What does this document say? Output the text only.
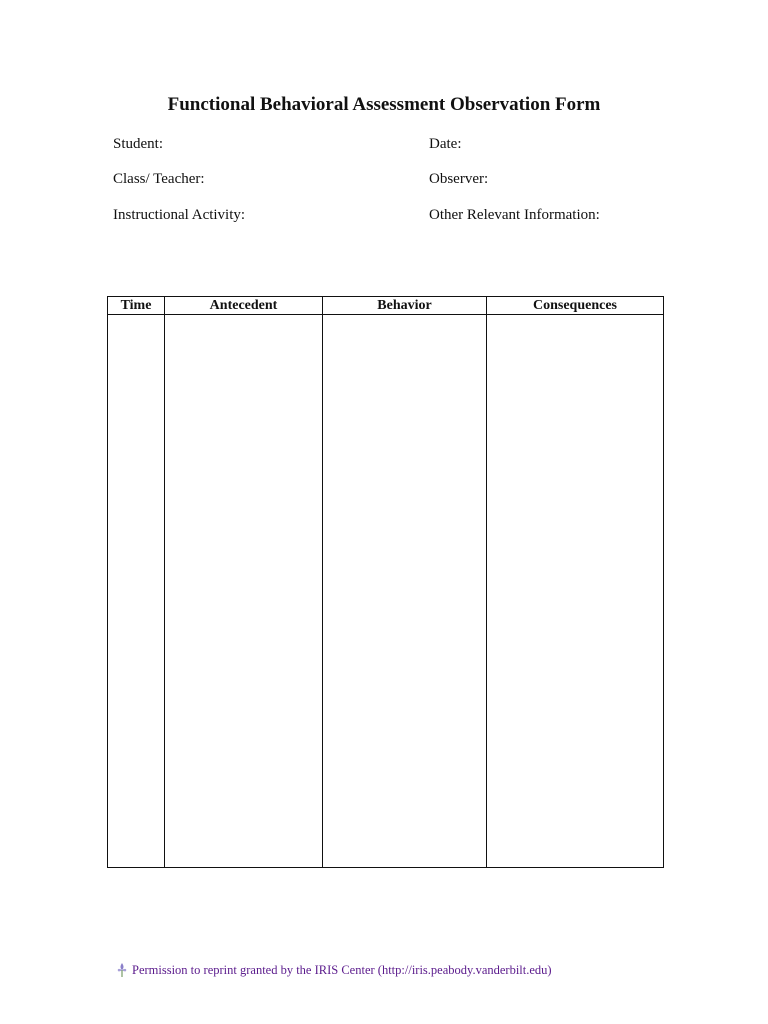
Functional Behavioral Assessment Observation Form
Student:	Date:
Class/ Teacher:	Observer:
Instructional Activity:	Other Relevant Information:
Time	Antecedent	Behavior	Consequences

Permission to reprint granted by the IRIS Center (http://iris.peabody.vanderbilt.edu)
